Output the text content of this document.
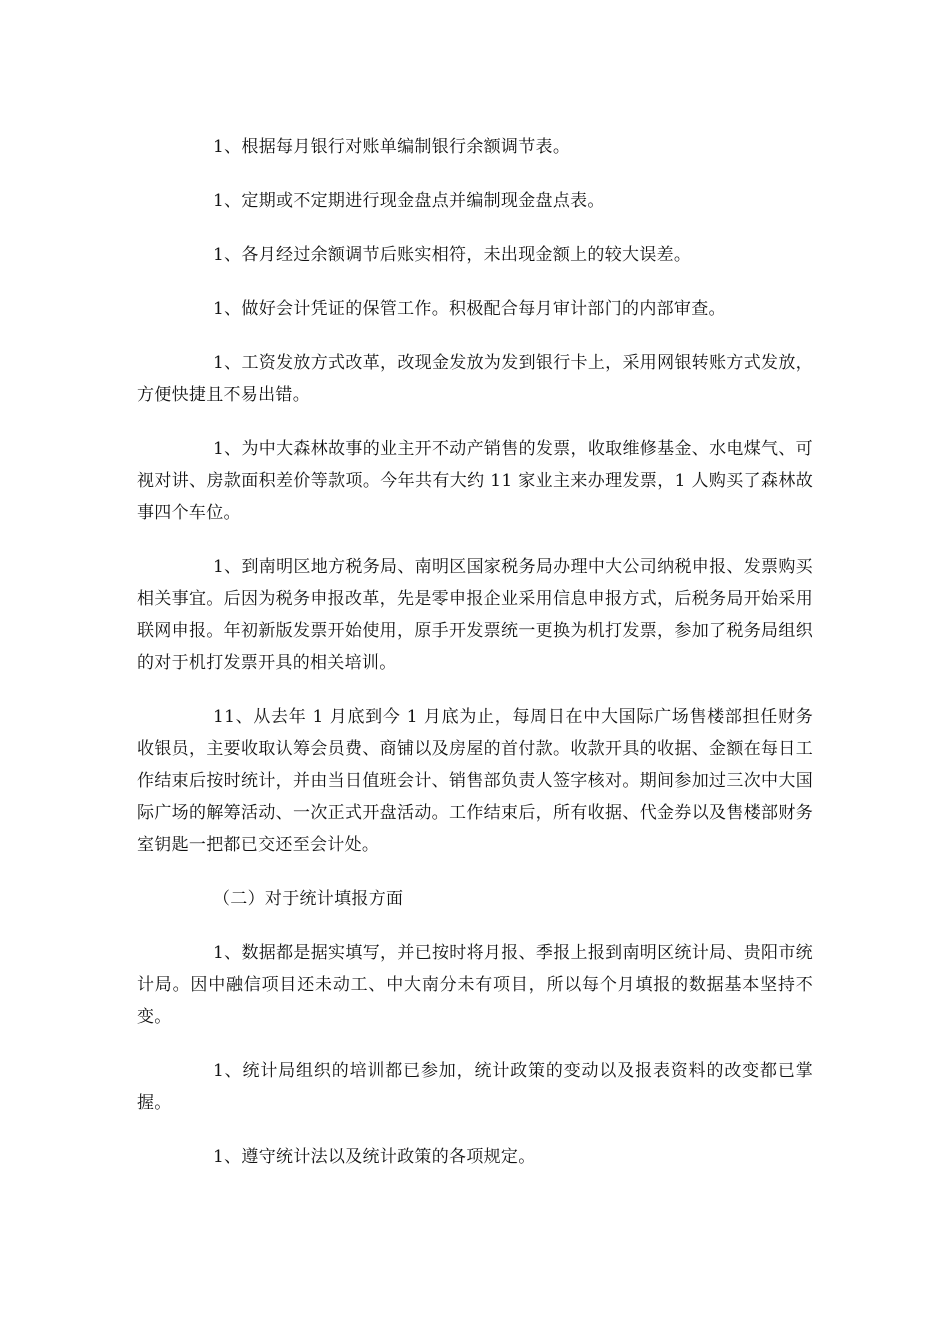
1、根据每月银行对账单编制银行余额调节表。

1、定期或不定期进行现金盘点并编制现金盘点表。

1、各月经过余额调节后账实相符，未出现金额上的较大误差。

1、做好会计凭证的保管工作。积极配合每月审计部门的内部审查。

1、工资发放方式改革，改现金发放为发到银行卡上，采用网银转账方式发放，方便快捷且不易出错。

1、为中大森林故事的业主开不动产销售的发票，收取维修基金、水电煤气、可视对讲、房款面积差价等款项。今年共有大约 11 家业主来办理发票，1 人购买了森林故事四个车位。

1、到南明区地方税务局、南明区国家税务局办理中大公司纳税申报、发票购买相关事宜。后因为税务申报改革，先是零申报企业采用信息申报方式，后税务局开始采用联网申报。年初新版发票开始使用，原手开发票统一更换为机打发票，参加了税务局组织的对于机打发票开具的相关培训。

11、从去年 1 月底到今 1 月底为止，每周日在中大国际广场售楼部担任财务收银员，主要收取认筹会员费、商铺以及房屋的首付款。收款开具的收据、金额在每日工作结束后按时统计，并由当日值班会计、销售部负责人签字核对。期间参加过三次中大国际广场的解筹活动、一次正式开盘活动。工作结束后，所有收据、代金券以及售楼部财务室钥匙一把都已交还至会计处。

（二）对于统计填报方面

1、数据都是据实填写，并已按时将月报、季报上报到南明区统计局、贵阳市统计局。因中融信项目还未动工、中大南分未有项目，所以每个月填报的数据基本坚持不变。

1、统计局组织的培训都已参加，统计政策的变动以及报表资料的改变都已掌握。

1、遵守统计法以及统计政策的各项规定。
